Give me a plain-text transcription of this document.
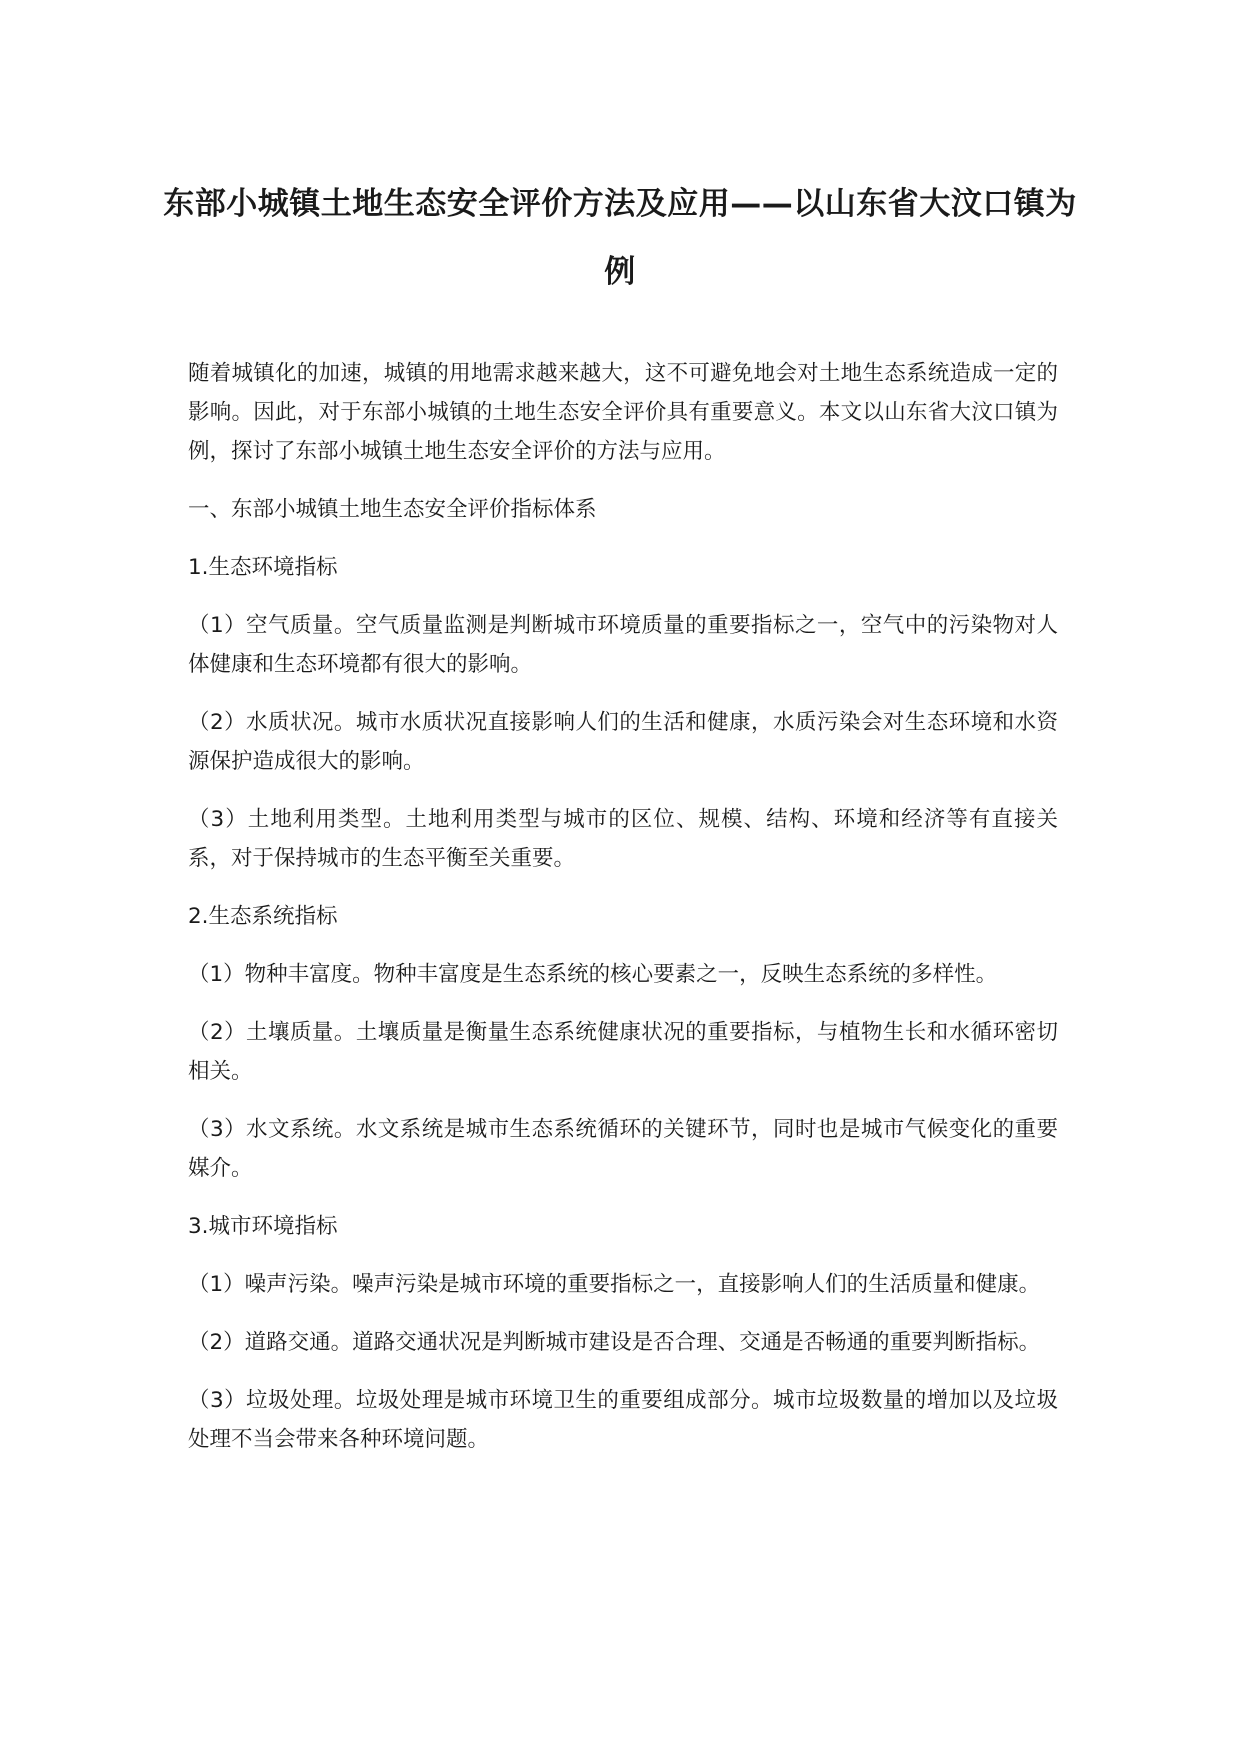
东部小城镇土地生态安全评价方法及应用——以山东省大汶口镇为例

随着城镇化的加速，城镇的用地需求越来越大，这不可避免地会对土地生态系统造成一定的影响。因此，对于东部小城镇的土地生态安全评价具有重要意义。本文以山东省大汶口镇为例，探讨了东部小城镇土地生态安全评价的方法与应用。

一、东部小城镇土地生态安全评价指标体系

1.生态环境指标

（1）空气质量。空气质量监测是判断城市环境质量的重要指标之一，空气中的污染物对人体健康和生态环境都有很大的影响。

（2）水质状况。城市水质状况直接影响人们的生活和健康，水质污染会对生态环境和水资源保护造成很大的影响。

（3）土地利用类型。土地利用类型与城市的区位、规模、结构、环境和经济等有直接关系，对于保持城市的生态平衡至关重要。

2.生态系统指标

（1）物种丰富度。物种丰富度是生态系统的核心要素之一，反映生态系统的多样性。

（2）土壤质量。土壤质量是衡量生态系统健康状况的重要指标，与植物生长和水循环密切相关。

（3）水文系统。水文系统是城市生态系统循环的关键环节，同时也是城市气候变化的重要媒介。

3.城市环境指标

（1）噪声污染。噪声污染是城市环境的重要指标之一，直接影响人们的生活质量和健康。

（2）道路交通。道路交通状况是判断城市建设是否合理、交通是否畅通的重要判断指标。

（3）垃圾处理。垃圾处理是城市环境卫生的重要组成部分。城市垃圾数量的增加以及垃圾处理不当会带来各种环境问题。
